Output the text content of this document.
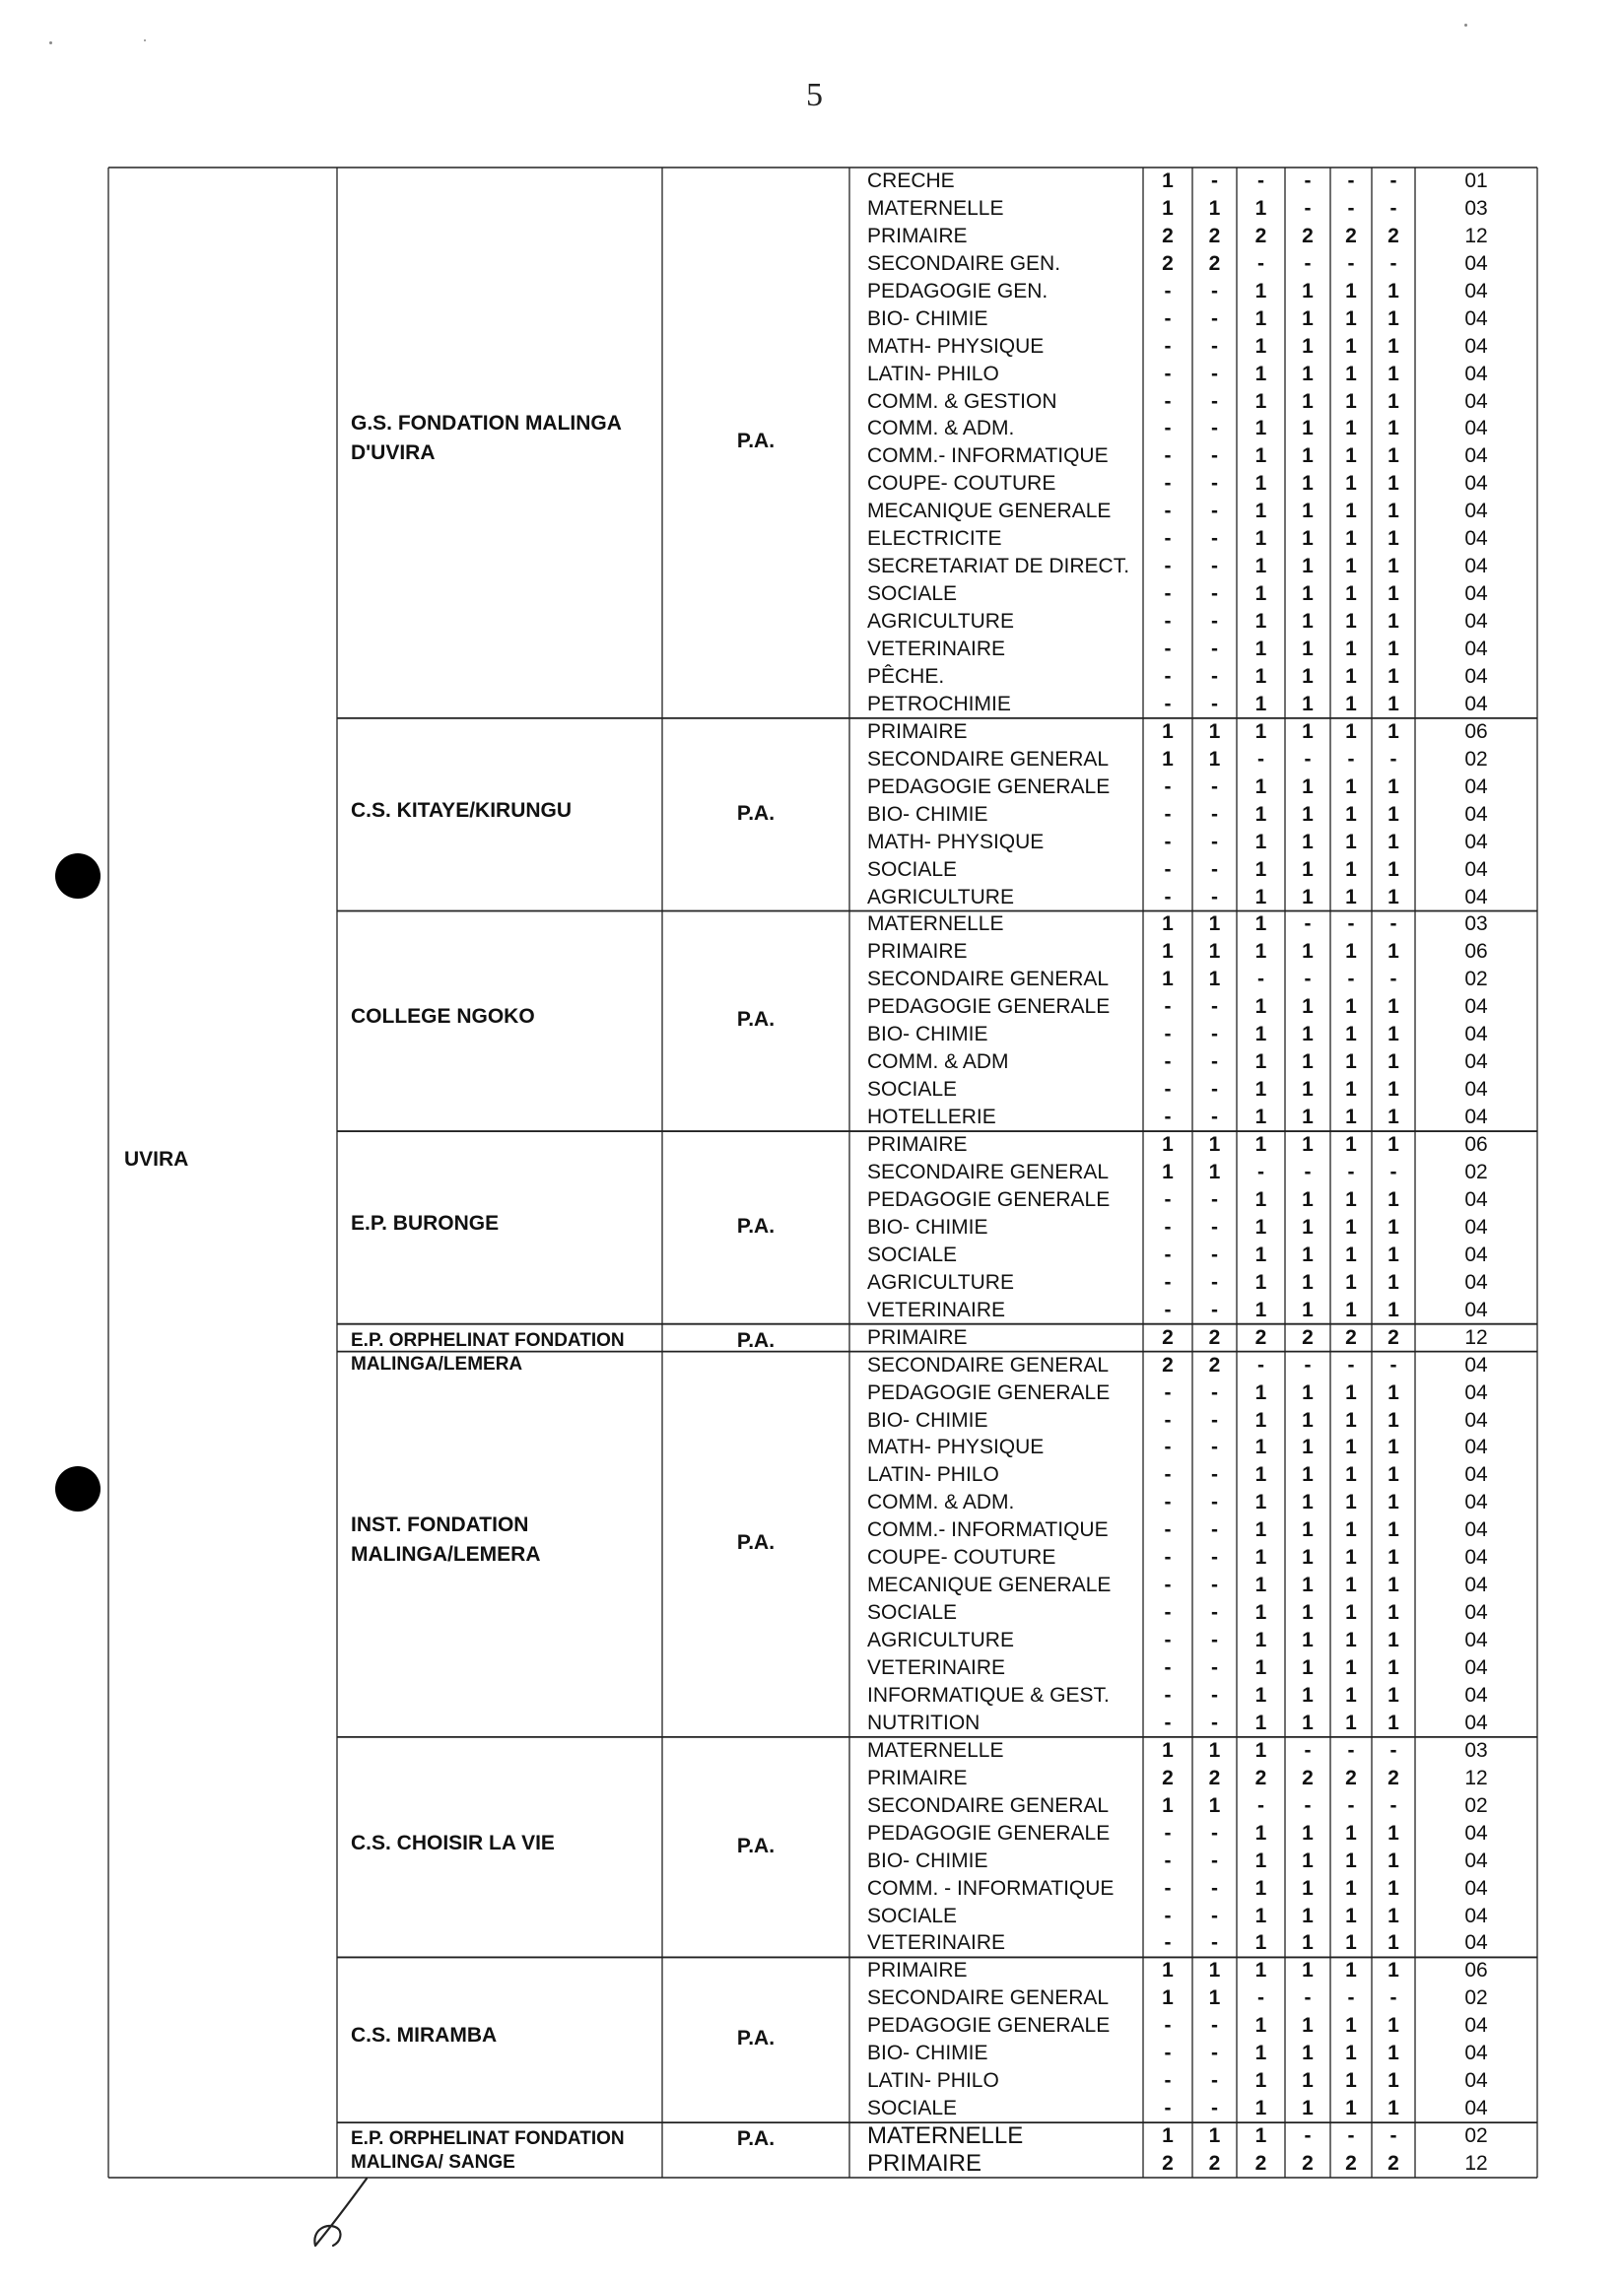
5
UVIRA
G.S. FONDATION MALINGA
D'UVIRA
P.A.
CRECHE	1	-	-	-	-	-	01
MATERNELLE	1	1	1	-	-	-	03
PRIMAIRE	2	2	2	2	2	2	12
SECONDAIRE GEN.	2	2	-	-	-	-	04
PEDAGOGIE GEN.	-	-	1	1	1	1	04
BIO- CHIMIE	-	-	1	1	1	1	04
MATH- PHYSIQUE	-	-	1	1	1	1	04
LATIN- PHILO	-	-	1	1	1	1	04
COMM. & GESTION	-	-	1	1	1	1	04
COMM. & ADM.	-	-	1	1	1	1	04
COMM.- INFORMATIQUE	-	-	1	1	1	1	04
COUPE- COUTURE	-	-	1	1	1	1	04
MECANIQUE GENERALE	-	-	1	1	1	1	04
ELECTRICITE	-	-	1	1	1	1	04
SECRETARIAT DE DIRECT.	-	-	1	1	1	1	04
SOCIALE	-	-	1	1	1	1	04
AGRICULTURE	-	-	1	1	1	1	04
VETERINAIRE	-	-	1	1	1	1	04
PÊCHE.	-	-	1	1	1	1	04
PETROCHIMIE	-	-	1	1	1	1	04
C.S. KITAYE/KIRUNGU	P.A.
PRIMAIRE	1	1	1	1	1	1	06
SECONDAIRE GENERAL	1	1	-	-	-	-	02
PEDAGOGIE GENERALE	-	-	1	1	1	1	04
BIO- CHIMIE	-	-	1	1	1	1	04
MATH- PHYSIQUE	-	-	1	1	1	1	04
SOCIALE	-	-	1	1	1	1	04
AGRICULTURE	-	-	1	1	1	1	04
COLLEGE NGOKO	P.A.
MATERNELLE	1	1	1	-	-	-	03
PRIMAIRE	1	1	1	1	1	1	06
SECONDAIRE GENERAL	1	1	-	-	-	-	02
PEDAGOGIE GENERALE	-	-	1	1	1	1	04
BIO- CHIMIE	-	-	1	1	1	1	04
COMM. & ADM	-	-	1	1	1	1	04
SOCIALE	-	-	1	1	1	1	04
HOTELLERIE	-	-	1	1	1	1	04
E.P. BURONGE	P.A.
PRIMAIRE	1	1	1	1	1	1	06
SECONDAIRE GENERAL	1	1	-	-	-	-	02
PEDAGOGIE GENERALE	-	-	1	1	1	1	04
BIO- CHIMIE	-	-	1	1	1	1	04
SOCIALE	-	-	1	1	1	1	04
AGRICULTURE	-	-	1	1	1	1	04
VETERINAIRE	-	-	1	1	1	1	04
E.P. ORPHELINAT FONDATION
MALINGA/LEMERA
P.A.	PRIMAIRE	2	2	2	2	2	2	12
INST. FONDATION
MALINGA/LEMERA
P.A.
SECONDAIRE GENERAL	2	2	-	-	-	-	04
PEDAGOGIE GENERALE	-	-	1	1	1	1	04
BIO- CHIMIE	-	-	1	1	1	1	04
MATH- PHYSIQUE	-	-	1	1	1	1	04
LATIN- PHILO	-	-	1	1	1	1	04
COMM. & ADM.	-	-	1	1	1	1	04
COMM.- INFORMATIQUE	-	-	1	1	1	1	04
COUPE- COUTURE	-	-	1	1	1	1	04
MECANIQUE GENERALE	-	-	1	1	1	1	04
SOCIALE	-	-	1	1	1	1	04
AGRICULTURE	-	-	1	1	1	1	04
VETERINAIRE	-	-	1	1	1	1	04
INFORMATIQUE & GEST.	-	-	1	1	1	1	04
NUTRITION	-	-	1	1	1	1	04
C.S. CHOISIR LA VIE	P.A.
MATERNELLE	1	1	1	-	-	-	03
PRIMAIRE	2	2	2	2	2	2	12
SECONDAIRE GENERAL	1	1	-	-	-	-	02
PEDAGOGIE GENERALE	-	-	1	1	1	1	04
BIO- CHIMIE	-	-	1	1	1	1	04
COMM. - INFORMATIQUE	-	-	1	1	1	1	04
SOCIALE	-	-	1	1	1	1	04
VETERINAIRE	-	-	1	1	1	1	04
C.S. MIRAMBA	P.A.
PRIMAIRE	1	1	1	1	1	1	06
SECONDAIRE GENERAL	1	1	-	-	-	-	02
PEDAGOGIE GENERALE	-	-	1	1	1	1	04
BIO- CHIMIE	-	-	1	1	1	1	04
LATIN- PHILO	-	-	1	1	1	1	04
SOCIALE	-	-	1	1	1	1	04
E.P. ORPHELINAT FONDATION
MALINGA/ SANGE
P.A.	MATERNELLE	1	1	1	-	-	-	02
PRIMAIRE	2	2	2	2	2	2	12
